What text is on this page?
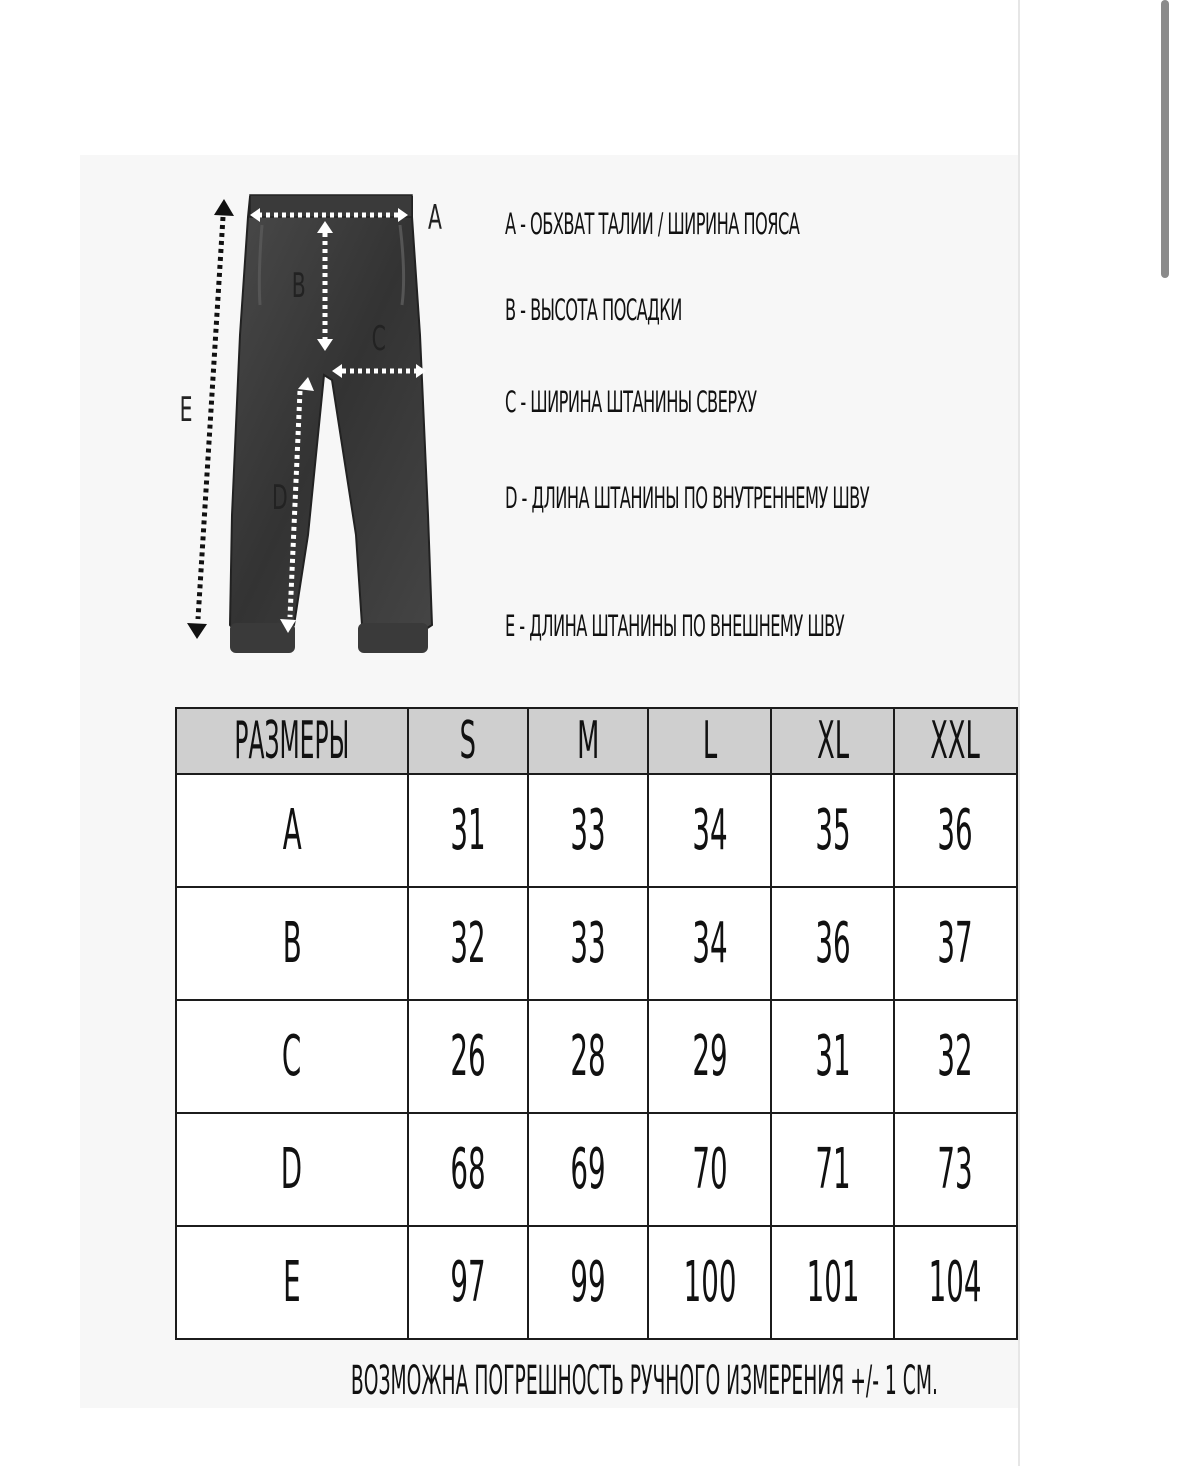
A
B
C
D
E
A - ОБХВАТ ТАЛИИ / ШИРИНА ПОЯСА
B - ВЫСОТА ПОСАДКИ
C - ШИРИНА ШТАНИНЫ СВЕРХУ
D - ДЛИНА ШТАНИНЫ ПО ВНУТРЕННЕМУ ШВУ
E - ДЛИНА ШТАНИНЫ ПО ВНЕШНЕМУ ШВУ
РАЗМЕРЫ	S	M	L	XL	XXL
A	31	33	34	35	36
B	32	33	34	36	37
C	26	28	29	31	32
D	68	69	70	71	73
E	97	99	100	101	104
ВОЗМОЖНА ПОГРЕШНОСТЬ РУЧНОГО ИЗМЕРЕНИЯ +/- 1 СМ.
